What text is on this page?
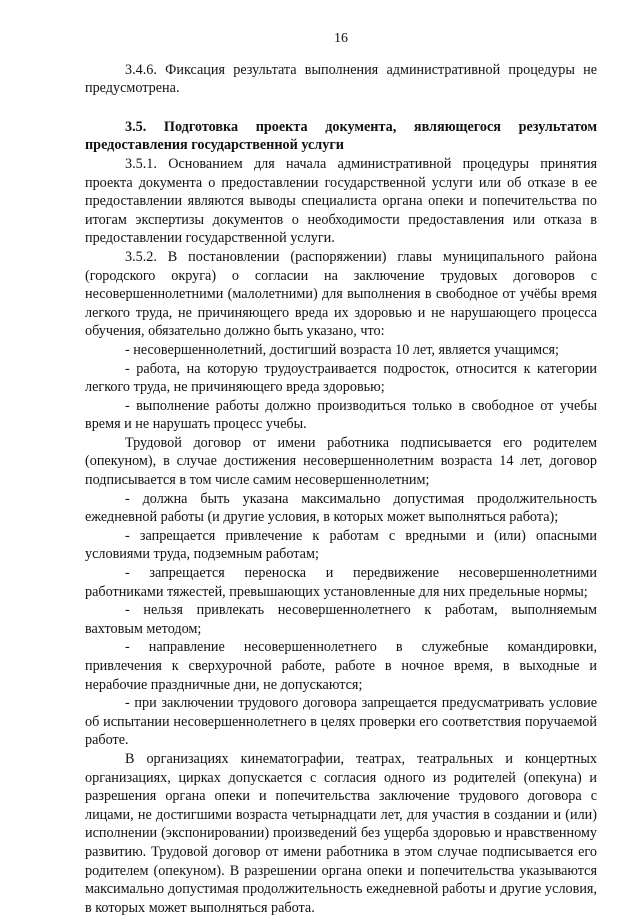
16

3.4.6. Фиксация результата выполнения административной процедуры не предусмотрена.

3.5. Подготовка проекта документа, являющегося результатом предоставления государственной услуги

3.5.1. Основанием для начала административной процедуры принятия проекта документа о предоставлении государственной услуги или об отказе в ее предоставлении являются выводы специалиста органа опеки и попечительства по итогам экспертизы документов о необходимости предоставления или отказа в предоставлении государственной услуги.

3.5.2. В постановлении (распоряжении) главы муниципального района (городского округа) о согласии на заключение трудовых договоров с несовершеннолетними (малолетними) для выполнения в свободное от учёбы время легкого труда, не причиняющего вреда их здоровью и не нарушающего процесса обучения, обязательно должно быть указано, что:

- несовершеннолетний, достигший возраста 10 лет, является учащимся;

- работа, на которую трудоустраивается подросток, относится к категории легкого труда, не причиняющего вреда здоровью;

- выполнение работы должно производиться только в свободное от учебы время и не нарушать процесс учебы.

Трудовой договор от имени работника подписывается его родителем (опекуном), в случае достижения несовершеннолетним возраста 14 лет, договор подписывается в том числе самим несовершеннолетним;

- должна быть указана максимально допустимая продолжительность ежедневной работы (и другие условия, в которых может выполняться работа);

- запрещается привлечение к работам с вредными и (или) опасными условиями труда, подземным работам;

- запрещается переноска и передвижение несовершеннолетними работниками тяжестей, превышающих установленные для них предельные нормы;

- нельзя привлекать несовершеннолетнего к работам, выполняемым вахтовым методом;

- направление несовершеннолетнего в служебные командировки, привлечения к сверхурочной работе, работе в ночное время, в выходные и нерабочие праздничные дни, не допускаются;

- при заключении трудового договора запрещается предусматривать условие об испытании несовершеннолетнего в целях проверки его соответствия поручаемой работе.

В организациях кинематографии, театрах, театральных и концертных организациях, цирках допускается с согласия одного из родителей (опекуна) и разрешения органа опеки и попечительства заключение трудового договора с лицами, не достигшими возраста четырнадцати лет, для участия в создании и (или) исполнении (экспонировании) произведений без ущерба здоровью и нравственному развитию. Трудовой договор от имени работника в этом случае подписывается его родителем (опекуном). В разрешении органа опеки и попечительства указываются максимально допустимая продолжительность ежедневной работы и другие условия, в которых может выполняться работа.
